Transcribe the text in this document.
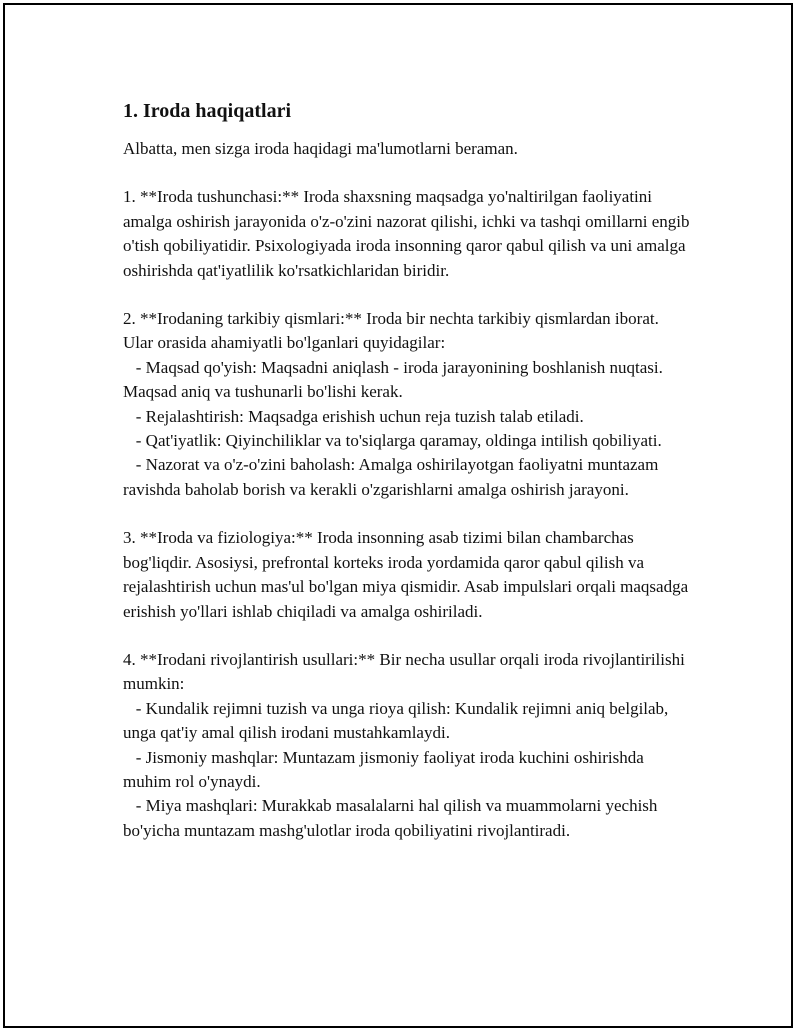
1. Iroda haqiqatlari

Albatta, men sizga iroda haqidagi ma'lumotlarni beraman.

1. **Iroda tushunchasi:** Iroda shaxsning maqsadga yo'naltirilgan faoliyatini amalga oshirish jarayonida o'z-o'zini nazorat qilishi, ichki va tashqi omillarni engib o'tish qobiliyatidir. Psixologiyada iroda insonning qaror qabul qilish va uni amalga oshirishda qat'iyatlilik ko'rsatkichlaridan biridir.

2. **Irodaning tarkibiy qismlari:** Iroda bir nechta tarkibiy qismlardan iborat. Ular orasida ahamiyatli bo'lganlari quyidagilar:

- Maqsad qo'yish: Maqsadni aniqlash - iroda jarayonining boshlanish nuqtasi. Maqsad aniq va tushunarli bo'lishi kerak.

- Rejalashtirish: Maqsadga erishish uchun reja tuzish talab etiladi.

- Qat'iyatlik: Qiyinchiliklar va to'siqlarga qaramay, oldinga intilish qobiliyati.

- Nazorat va o'z-o'zini baholash: Amalga oshirilayotgan faoliyatni muntazam ravishda baholab borish va kerakli o'zgarishlarni amalga oshirish jarayoni.

3. **Iroda va fiziologiya:** Iroda insonning asab tizimi bilan chambarchas bog'liqdir. Asosiysi, prefrontal korteks iroda yordamida qaror qabul qilish va rejalashtirish uchun mas'ul bo'lgan miya qismidir. Asab impulslari orqali maqsadga erishish yo'llari ishlab chiqiladi va amalga oshiriladi.

4. **Irodani rivojlantirish usullari:** Bir necha usullar orqali iroda rivojlantirilishi mumkin:

- Kundalik rejimni tuzish va unga rioya qilish: Kundalik rejimni aniq belgilab, unga qat'iy amal qilish irodani mustahkamlaydi.

- Jismoniy mashqlar: Muntazam jismoniy faoliyat iroda kuchini oshirishda muhim rol o'ynaydi.

- Miya mashqlari: Murakkab masalalarni hal qilish va muammolarni yechish bo'yicha muntazam mashg'ulotlar iroda qobiliyatini rivojlantiradi.
